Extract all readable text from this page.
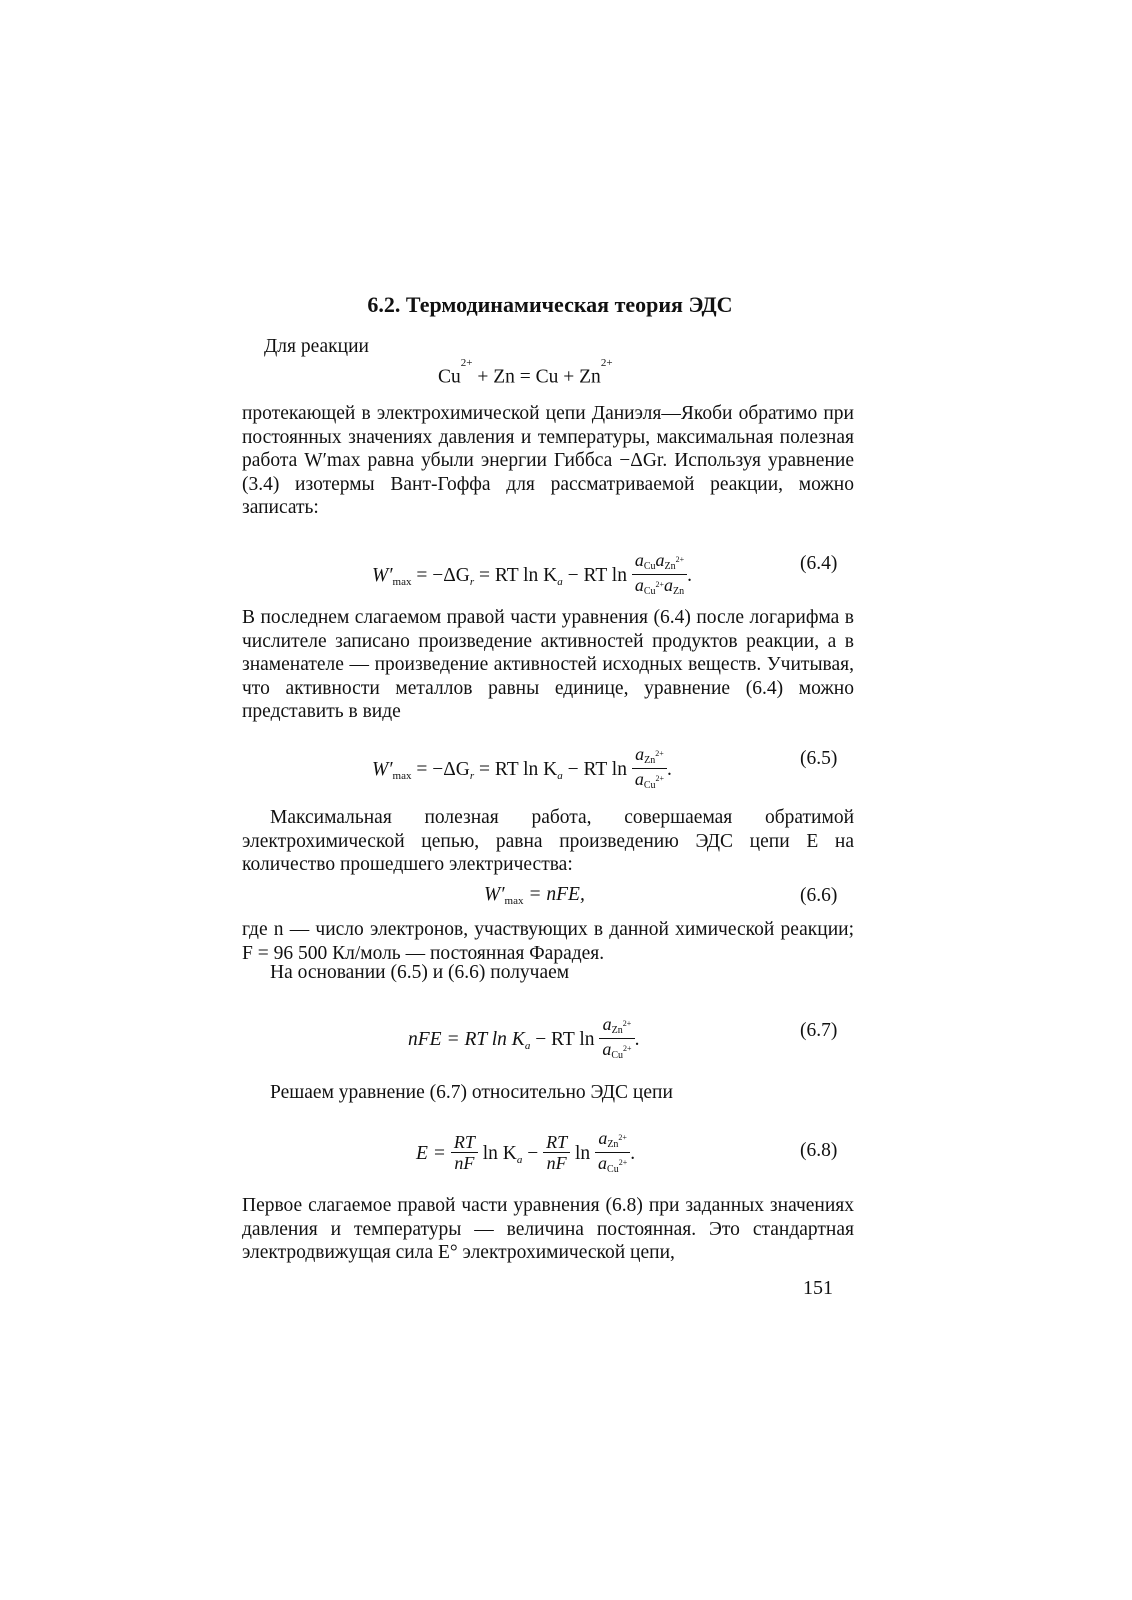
6.2. Термодинамическая теория ЭДС
Для реакции
$Cu^{2+} + Zn = Cu + Zn^{2+}$

протекающей в электрохимической цепи Даниэля—Якоби обратимо при постоянных значениях давления и температуры, максимальная полезная работа W′max равна убыли энергии Гиббса −ΔGr. Используя уравнение (3.4) изотермы Вант-Гоффа для рассматриваемой реакции, можно записать:

$W'_{max} = -\Delta G_r$ = RT $\ln K_a$ − RT $\ln \frac{aCuaZn^{2+}}{aCu^{2+}aZn}$ .
(6.4)

В последнем слагаемом правой части уравнения (6.4) после логарифма в числителе записано произведение активностей продуктов реакции, а в знаменателе — произведение активностей исходных веществ. Учитывая, что активности металлов равны единице, уравнение (6.4) можно представить в виде

$W'_{max} = -\Delta G_r$ = RT $\ln K_a$ − RT $\ln \frac{aZn^{2+}}{aCu^{2+}}$ .
(6.5)

Максимальная полезная работа, совершаемая обратимой электрохимической цепью, равна произведению ЭДС цепи E на количество прошедшего электричества:

$W'_{max}$ = nFE,	(6.6)

где n — число электронов, участвующих в данной химической реакции; F = 96 500 Кл/моль — постоянная Фарадея.

На основании (6.5) и (6.6) получаем
nFE = RT $\ln K_a$ − RT $\ln \frac{aZn^{2+}}{aCu^{2+}}$ .	(6.7)
Решаем уравнение (6.7) относительно ЭДС цепи
$E = \frac{RT}{nF}$ $\ln K_a - \frac{RT}{nF}$ $\ln \frac{aZn^{2+}}{aCu^{2+}}$ .	(6.8)

Первое слагаемое правой части уравнения (6.8) при заданных значениях давления и температуры — величина постоянная. Это стандартная электродвижущая сила E° электрохимической цепи,

151
